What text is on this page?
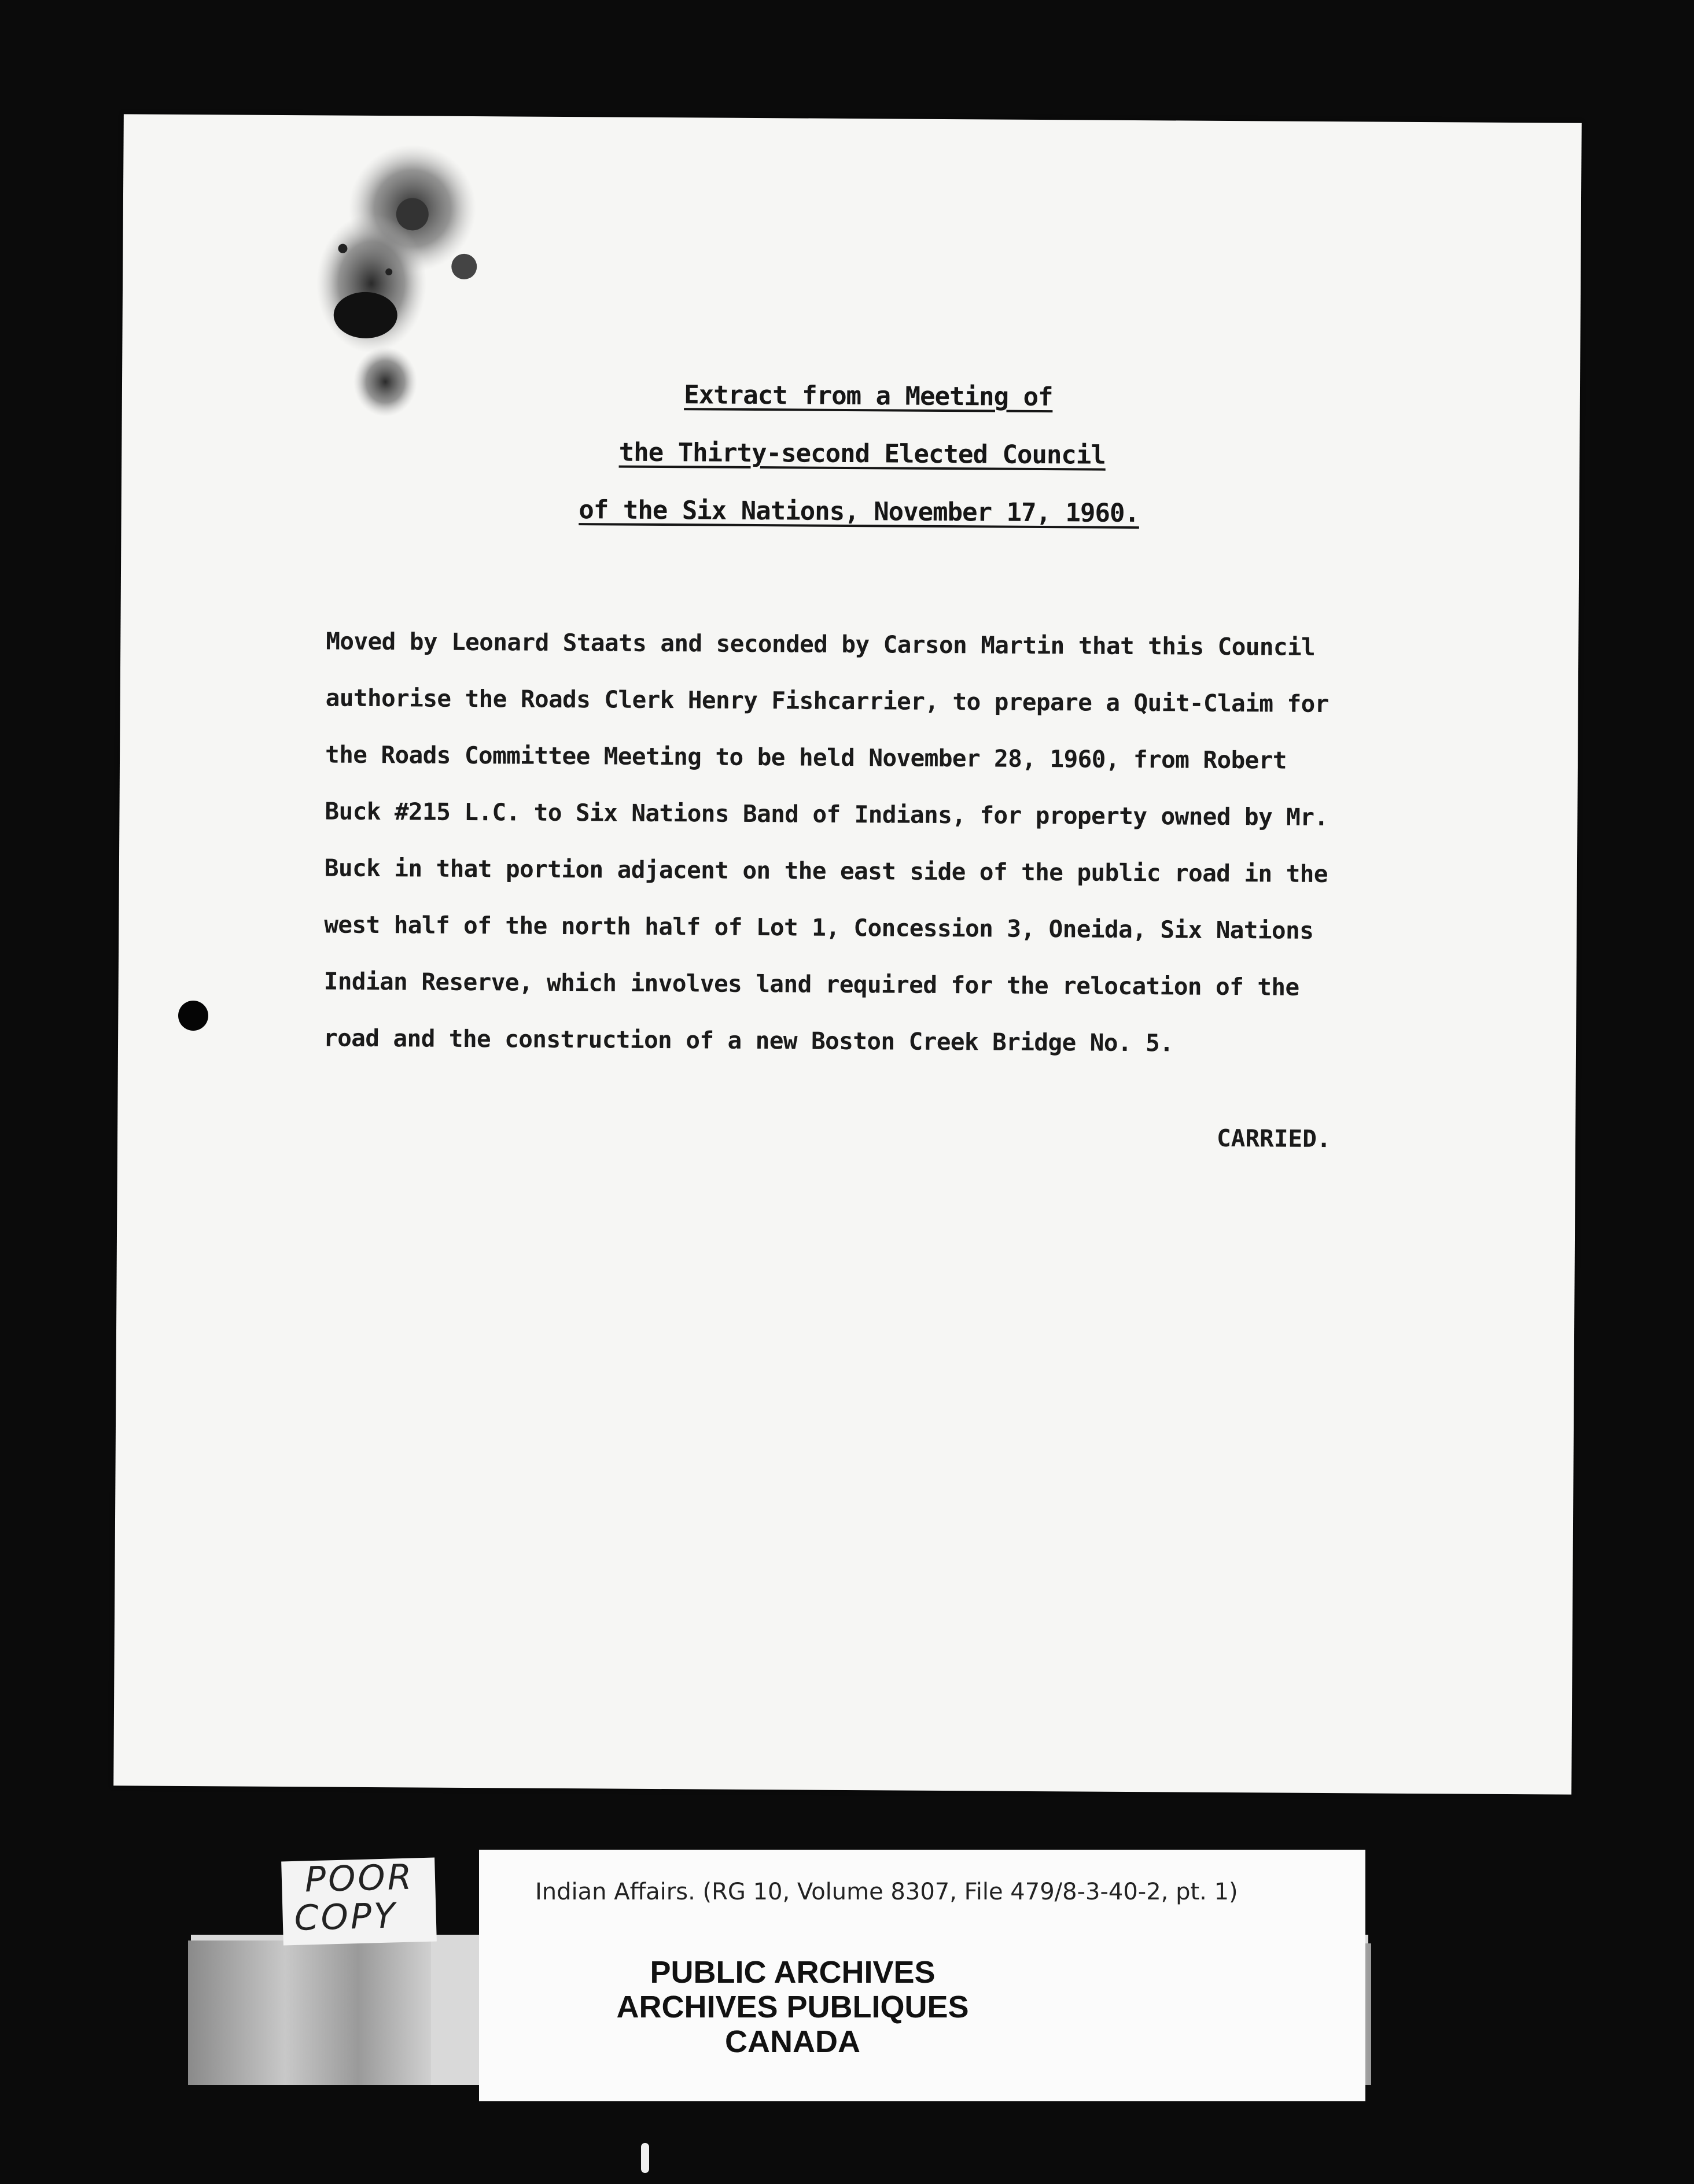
Extract from a Meeting of
the Thirty-second Elected Council
of the Six Nations, November 17, 1960.
Moved by Leonard Staats and seconded by Carson Martin that this Council
authorise the Roads Clerk Henry Fishcarrier, to prepare a Quit-Claim for
the Roads Committee Meeting to be held November 28, 1960, from Robert
Buck #215 L.C. to Six Nations Band of Indians, for property owned by Mr.
Buck in that portion adjacent on the east side of the public road in the
west half of the north half of Lot 1, Concession 3, Oneida, Six Nations
Indian Reserve, which involves land required for the relocation of the
road and the construction of a new Boston Creek Bridge No. 5.
CARRIED.
Indian Affairs. (RG 10, Volume 8307, File 479/8-3-40-2, pt. 1)
PUBLIC ARCHIVES
ARCHIVES PUBLIQUES
CANADA
POOR
COPY
